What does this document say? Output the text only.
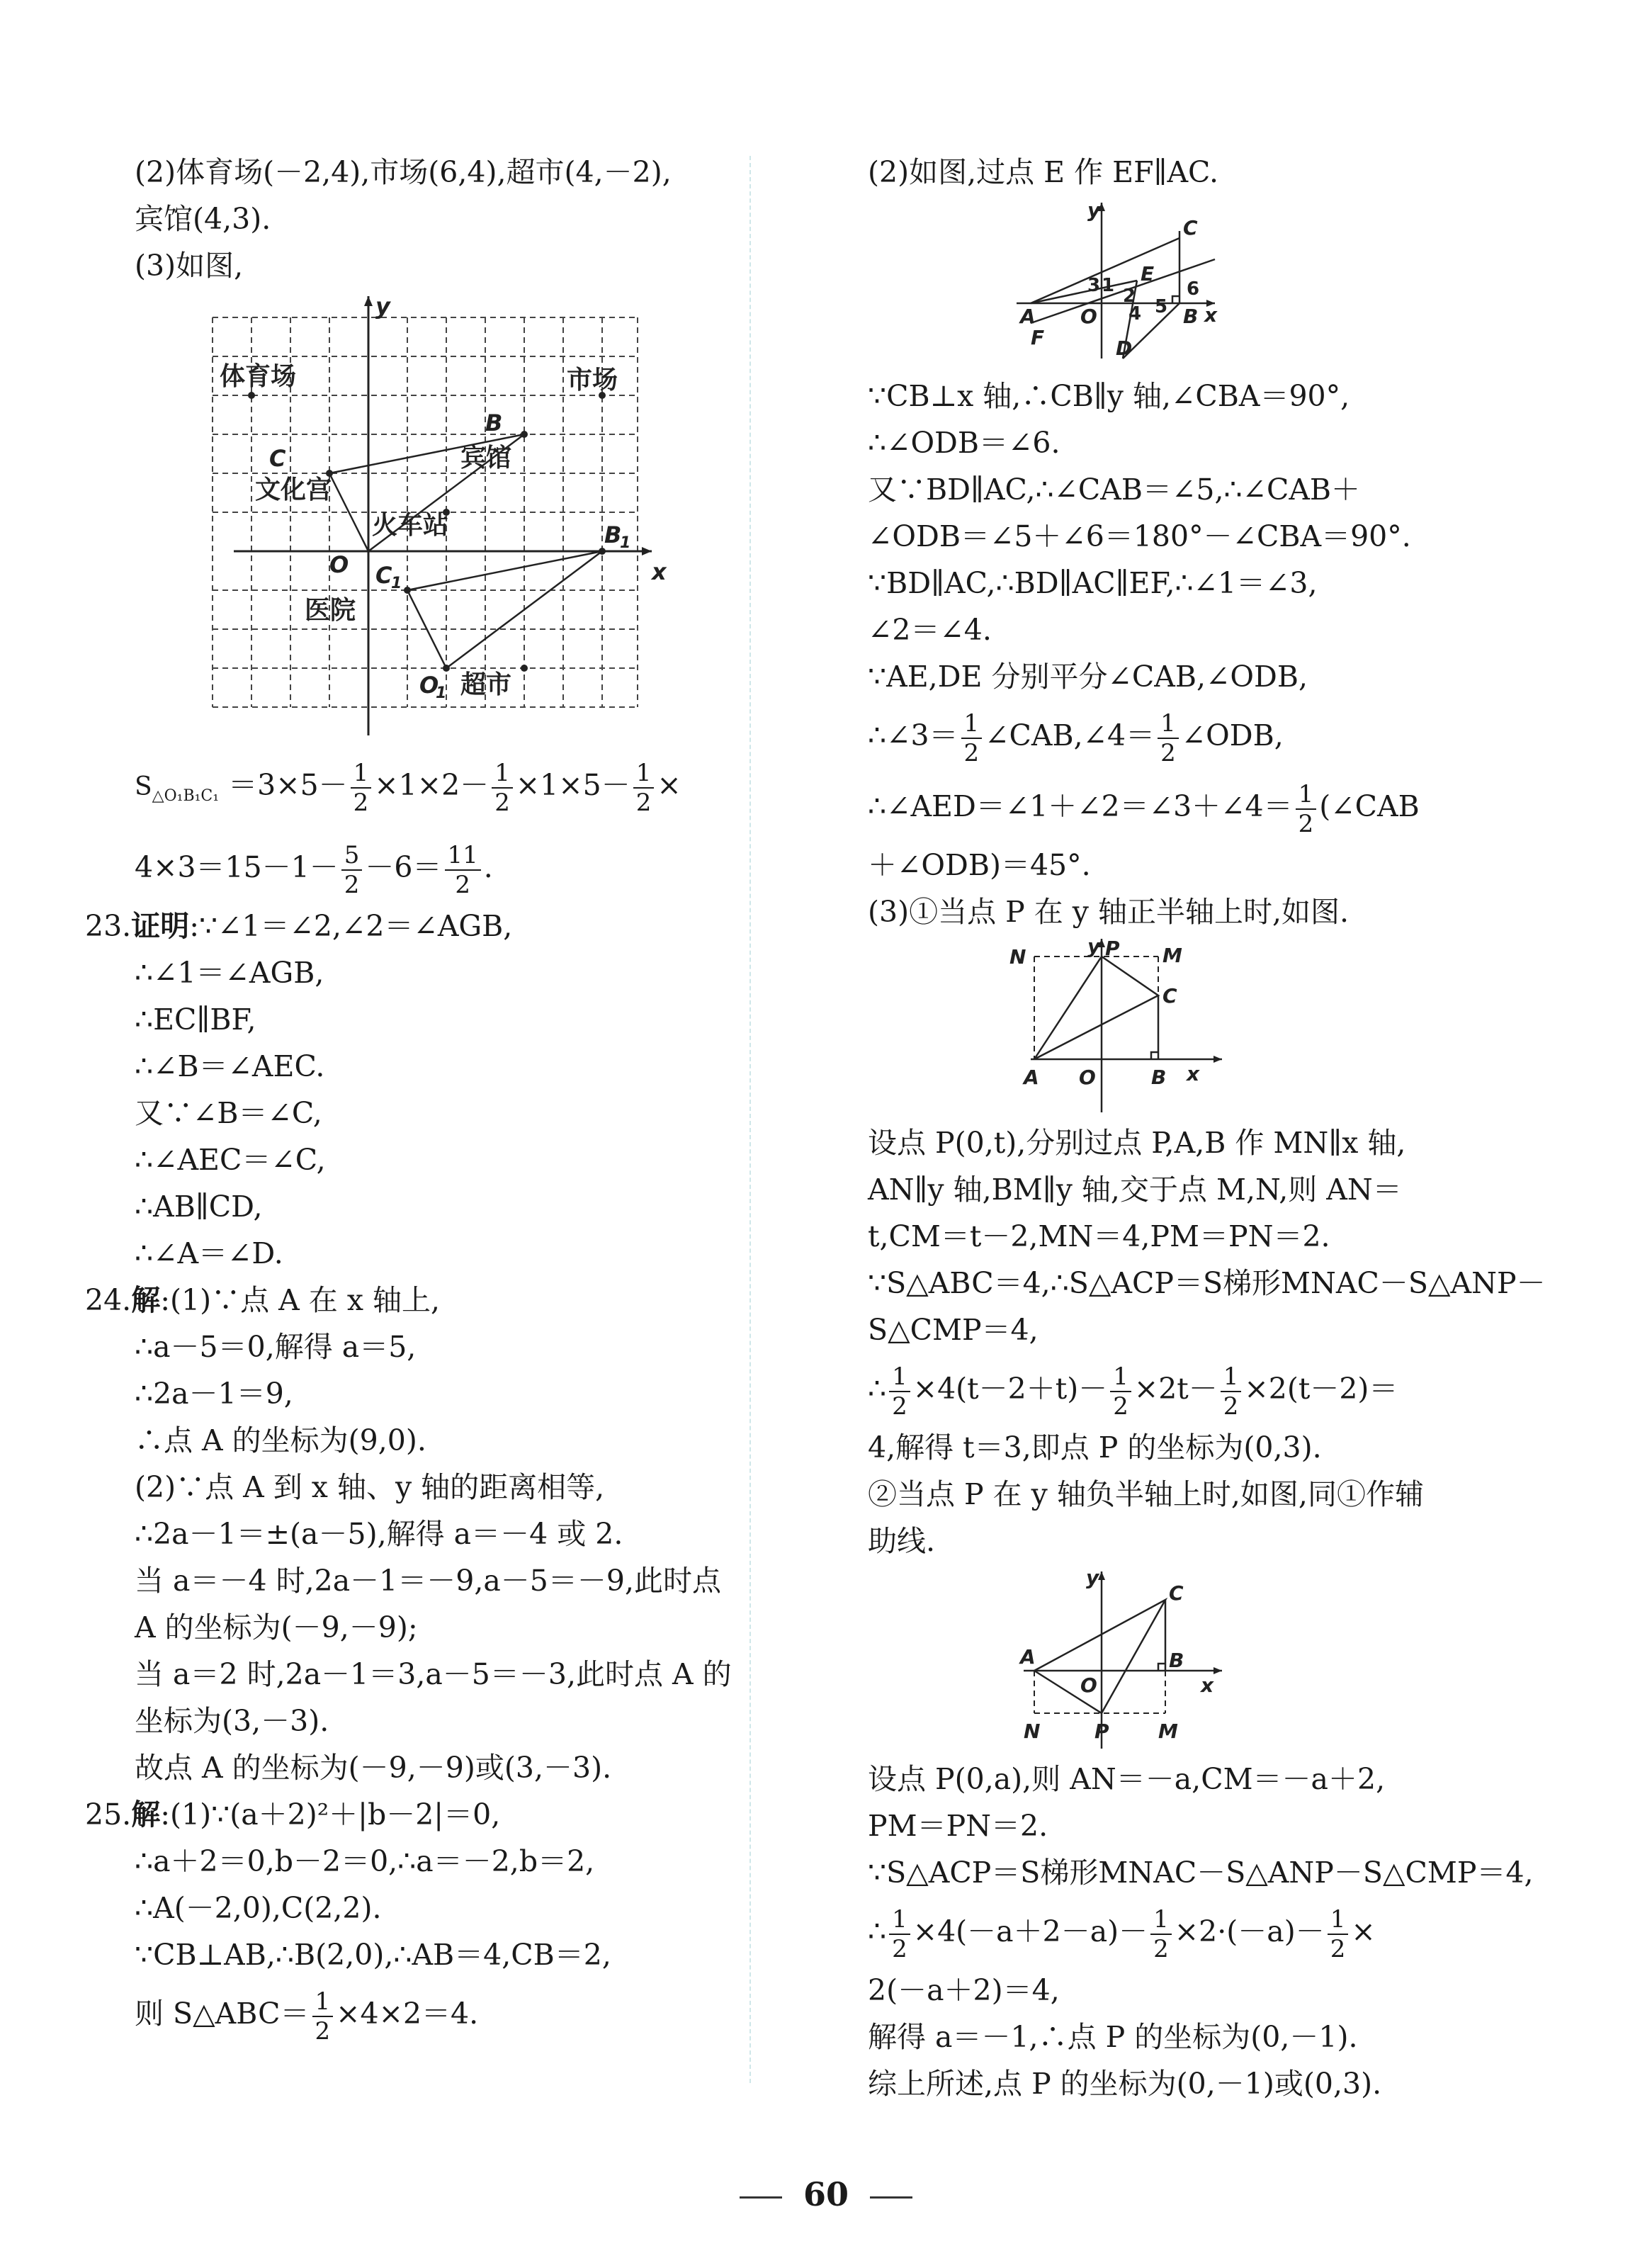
(2)体育场(－2,4),市场(6,4),超市(4,－2),
宾馆(4,3).
(3)如图,
体育场	市场
宾馆
文化宫
火车站
医院
超市
B
C
O
B
1
C
1
O
1
x
y
$S_{\triangle O_1B_1C_1} =3\times 5- \frac{1}{2} \times 1\times 2- \frac{1}{2} \times 1\times 5- \frac{1}{2}$ ×
$4\times 3=15-1- \frac{5}{2} -6= \frac{11}{2}$ .
23.证明:∵∠1＝∠2,∠2＝∠AGB,
∴∠1＝∠AGB,
∴EC∥BF,
∴∠B＝∠AEC.
又∵∠B＝∠C,
∴∠AEC＝∠C,
∴AB∥CD,
∴∠A＝∠D.
24.解:(1)∵点 A 在 x 轴上,
∴a－5＝0,解得 a＝5,
∴2a－1＝9,
∴点 A 的坐标为(9,0).
(2)∵点 A 到 x 轴、y 轴的距离相等,
∴2a－1＝±(a－5),解得 a＝－4 或 2.
当 a＝－4 时,2a－1＝－9,a－5＝－9,此时点
A 的坐标为(－9,－9);
当 a＝2 时,2a－1＝3,a－5＝－3,此时点 A 的
坐标为(3,－3).
故点 A 的坐标为(－9,－9)或(3,－3).
25.解:(1)∵(a＋2)²＋|b－2|＝0,
∴a＋2＝0,b－2＝0,∴a＝－2,b＝2,
∴A(－2,0),C(2,2).
∵CB⊥AB,∴B(2,0),∴AB＝4,CB＝2,
则 S△ABC＝ $\frac{1}{2} \times 4\times 2=4$.
(2)如图,过点 E 作 EF∥AC.
C
E
A O	B
F	D
x
y
3 1 2
4 5
6
∵CB⊥x 轴,∴CB∥y 轴,∠CBA＝90°,
∴∠ODB＝∠6.
又∵BD∥AC,∴∠CAB＝∠5,∴∠CAB＋
∠ODB＝∠5＋∠6＝180°－∠CBA＝90°.
∵BD∥AC,∴BD∥AC∥EF,∴∠1＝∠3,
∠2＝∠4.
∵AE,DE 分别平分∠CAB,∠ODB,
∴∠3＝ $\frac{1}{2}$ ∠CAB,∠4＝ $\frac{1}{2}$ ∠ODB,
∴∠AED＝∠1＋∠2＝∠3＋∠4＝ $\frac{1}{2}$ (∠CAB
＋∠ODB)＝45°.
(3)①当点 P 在 y 轴正半轴上时,如图.
N	P M
C
A O	B x
y
设点 P(0,t),分别过点 P,A,B 作 MN∥x 轴,
AN∥y 轴,BM∥y 轴,交于点 M,N,则 AN＝
t,CM＝t－2,MN＝4,PM＝PN＝2.
∵S△ABC＝4,∴S△ACP＝S梯形MNAC－S△ANP－
S△CMP＝4,
∴ $\frac{1}{2} \times 4(t-2+t)- \frac{1}{2} \times 2t- \frac{1}{2} \times 2(t-2)=$
4,解得 t＝3,即点 P 的坐标为(0,3).
②当点 P 在 y 轴负半轴上时,如图,同①作辅
助线.
C
A	B
O
N	P M
x
y
设点 P(0,a),则 AN＝－a,CM＝－a＋2,
PM＝PN＝2.
∵S△ACP＝S梯形MNAC－S△ANP－S△CMP＝4,
∴ $\frac{1}{2} \times 4(-a+2-a)- \frac{1}{2} \times 2\cdot(-a)- \frac{1}{2}$ ×
2(－a＋2)＝4,
解得 a＝－1,∴点 P 的坐标为(0,－1).
综上所述,点 P 的坐标为(0,－1)或(0,3).
60
